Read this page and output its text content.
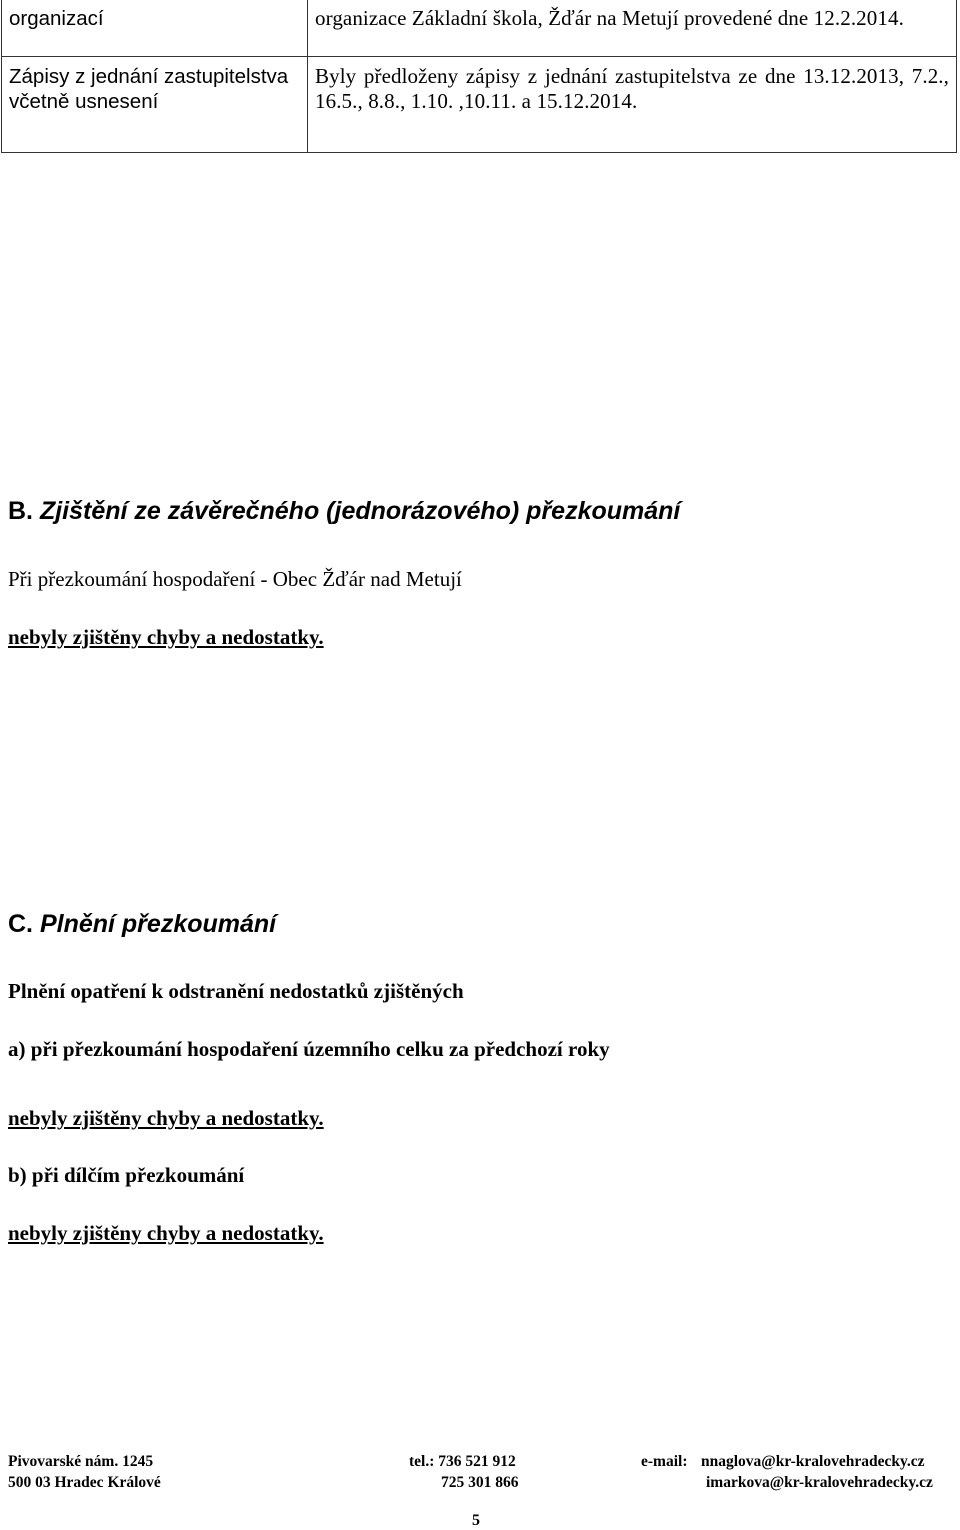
organizací	organizace Základní škola, Žďár na Metují provedené dne 12.2.2014.
Zápisy z jednání zastupitelstva včetně usnesení	Byly předloženy zápisy z jednání zastupitelstva ze dne 13.12.2013, 7.2., 16.5., 8.8., 1.10. ,10.11. a 15.12.2014.

B. Zjištění ze závěrečného (jednorázového) přezkoumání

Při přezkoumání hospodaření - Obec Žďár nad Metují

nebyly zjištěny chyby a nedostatky.

C. Plnění přezkoumání

Plnění opatření k odstranění nedostatků zjištěných

a) při přezkoumání hospodaření územního celku za předchozí roky

nebyly zjištěny chyby a nedostatky.

b) při dílčím přezkoumání

nebyly zjištěny chyby a nedostatky.

Pivovarské nám. 1245

500 03 Hradec Králové

tel.: 736 521 912

725 301 866

e-mail: nnaglova@kr-kralovehradecky.cz

imarkova@kr-kralovehradecky.cz

5
